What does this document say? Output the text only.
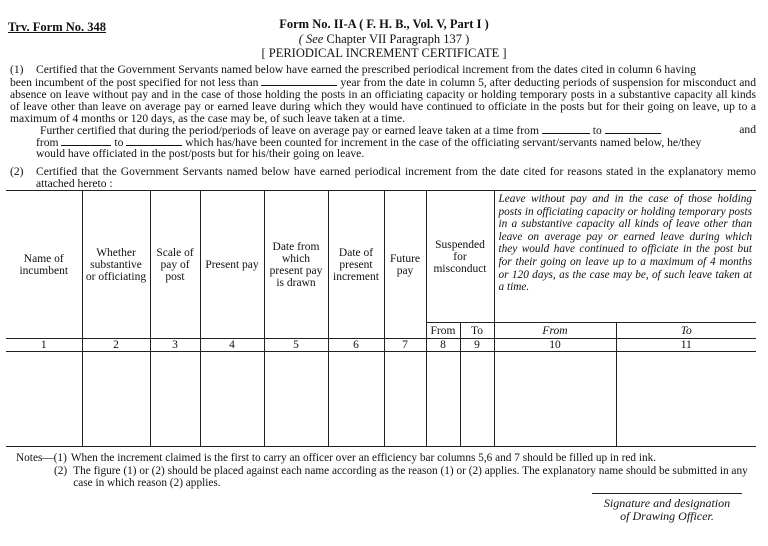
Trv. Form No. 348	Form No. II-A ( F. H. B., Vol. V, Part I )
( See Chapter VII Paragraph 137 )
[ PERIODICAL INCREMENT CERTIFICATE ]
(1) Certified that the Government Servants named below have earned the prescribed periodical increment from the dates cited in column 6 having
been incumbent of the post specified for not less than	year from the date in column 5, after deducting periods of suspension for misconduct and absence on leave without pay and in the case of those holding the posts in an officiating capacity or holding temporary posts in a substantive capacity all kinds of leave other than leave on average pay or earned leave during which they would have continued to officiate in the posts but for their going on leave, up to a maximum of 4 months or 120 days, as the case may be, of such leave taken at a time.
Further certified that during the period/periods of leave on average pay or earned leave taken at a time from	to	and
from	to	which has/have been counted for increment in the case of the officiating servant/servants named below, he/they
would have officiated in the post/posts but for his/their going on leave.
(2) Certified that the Government Servants named below have earned periodical increment from the date cited for reasons stated in the explanatory memo attached hereto :
Name of incumbent	Whether substantive or officiating	Scale of pay of post	Present pay	Date from which present pay is drawn	Date of present increment	Future pay	Suspended for misconduct		Leave without pay and in the case of those holding posts in officiating capacity or holding temporary posts in a substantive capacity all kinds of leave other than leave on average pay or earned leave during which they would have continued to officiate in the post but for their going on leave up to a maximum of 4 months or 120 days, as the case may be, of such leave taken at a time.	
							From	To	From	To
1	2	3	4	5	6	7	8	9	10	11

Notes—(1) When the increment claimed is the first to carry an officer over an efficiency bar columns 5,6 and 7 should be filled up in red ink.
(2) The figure (1) or (2) should be placed against each name according as the reason (1) or (2) applies. The explanatory name should be submitted in any case in which reason (2) applies.
Signature and designation
of Drawing Officer.
